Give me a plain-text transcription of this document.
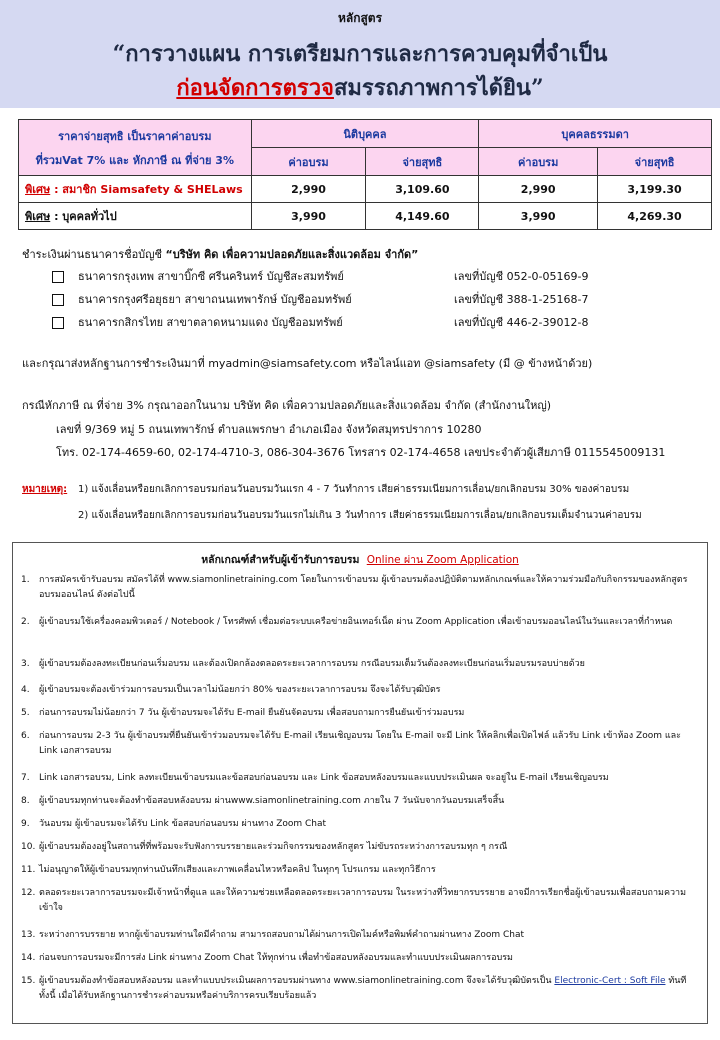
หลักสูตร
“การวางแผน การเตรียมการและการควบคุมที่จำเป็น
ก่อนจัดการตรวจสมรรถภาพการได้ยิน”
ราคาจ่ายสุทธิ เป็นราคาค่าอบรม
ที่รวมVat 7% และ หักภาษี ณ ที่จ่าย 3%	นิติบุคคล		บุคคลธรรมดา	
	ค่าอบรม	จ่ายสุทธิ	ค่าอบรม	จ่ายสุทธิ
พิเศษ : สมาชิก Siamsafety & SHELaws	2,990	3,109.60	2,990	3,199.30
พิเศษ : บุคคลทั่วไป	3,990	4,149.60	3,990	4,269.30
ชำระเงินผ่านธนาคารชื่อบัญชี “บริษัท คิด เพื่อความปลอดภัยและสิ่งแวดล้อม จำกัด”
ธนาคารกรุงเทพ สาขาบิ๊กซี ศรีนครินทร์ บัญชีสะสมทรัพย์	เลขที่บัญชี 052-0-05169-9
ธนาคารกรุงศรีอยุธยา สาขาถนนเทพารักษ์ บัญชีออมทรัพย์	เลขที่บัญชี 388-1-25168-7
ธนาคารกสิกรไทย สาขาตลาดหนามแดง บัญชีออมทรัพย์	เลขที่บัญชี 446-2-39012-8
และกรุณาส่งหลักฐานการชำระเงินมาที่ myadmin@siamsafety.com หรือไลน์แอท @siamsafety (มี @ ข้างหน้าด้วย)
กรณีหักภาษี ณ ที่จ่าย 3% กรุณาออกในนาม บริษัท คิด เพื่อความปลอดภัยและสิ่งแวดล้อม จำกัด (สำนักงานใหญ่)
เลขที่ 9/369 หมู่ 5 ถนนเทพารักษ์ ตำบลแพรกษา อำเภอเมือง จังหวัดสมุทรปราการ 10280
โทร. 02-174-4659-60, 02-174-4710-3, 086-304-3676 โทรสาร 02-174-4658 เลขประจำตัวผู้เสียภาษี 0115545009131
หมายเหตุ: 1) แจ้งเลื่อนหรือยกเลิกการอบรมก่อนวันอบรมวันแรก 4 - 7 วันทำการ เสียค่าธรรมเนียมการเลื่อน/ยกเลิกอบรม 30% ของค่าอบรม
2) แจ้งเลื่อนหรือยกเลิกการอบรมก่อนวันอบรมวันแรกไม่เกิน 3 วันทำการ เสียค่าธรรมเนียมการเลื่อน/ยกเลิกอบรมเต็มจำนวนค่าอบรม
หลักเกณฑ์สำหรับผู้เข้ารับการอบรม Online ผ่าน Zoom Application
1.	การสมัครเข้ารับอบรม สมัครได้ที่ www.siamonlinetraining.com โดยในการเข้าอบรม ผู้เข้าอบรมต้องปฏิบัติตามหลักเกณฑ์และให้ความร่วมมือกับกิจกรรมของหลักสูตรอบรมออนไลน์ ดังต่อไปนี้
2.	ผู้เข้าอบรมใช้เครื่องคอมพิวเตอร์ / Notebook / โทรศัพท์ เชื่อมต่อระบบเครือข่ายอินเทอร์เน็ต ผ่าน Zoom Application เพื่อเข้าอบรมออนไลน์ในวันและเวลาที่กำหนด
3.	ผู้เข้าอบรมต้องลงทะเบียนก่อนเริ่มอบรม และต้องเปิดกล้องตลอดระยะเวลาการอบรม กรณีอบรมเต็มวันต้องลงทะเบียนก่อนเริ่มอบรมรอบบ่ายด้วย
4.	ผู้เข้าอบรมจะต้องเข้าร่วมการอบรมเป็นเวลาไม่น้อยกว่า 80% ของระยะเวลาการอบรม จึงจะได้รับวุฒิบัตร
5.	ก่อนการอบรมไม่น้อยกว่า 7 วัน ผู้เข้าอบรมจะได้รับ E-mail ยืนยันจัดอบรม เพื่อสอบถามการยืนยันเข้าร่วมอบรม
6.	ก่อนการอบรม 2-3 วัน ผู้เข้าอบรมที่ยืนยันเข้าร่วมอบรมจะได้รับ E-mail เรียนเชิญอบรม โดยใน E-mail จะมี Link ให้คลิกเพื่อเปิดไฟล์ แล้วรับ Link เข้าห้อง Zoom และ Link เอกสารอบรม
7.	Link เอกสารอบรม, Link ลงทะเบียนเข้าอบรมและข้อสอบก่อนอบรม และ Link ข้อสอบหลังอบรมและแบบประเมินผล จะอยู่ใน E-mail เรียนเชิญอบรม
8.	ผู้เข้าอบรมทุกท่านจะต้องทำข้อสอบหลังอบรม ผ่านwww.siamonlinetraining.com ภายใน 7 วันนับจากวันอบรมเสร็จสิ้น
9.	วันอบรม ผู้เข้าอบรมจะได้รับ Link ข้อสอบก่อนอบรม ผ่านทาง Zoom Chat
10. ผู้เข้าอบรมต้องอยู่ในสถานที่ที่พร้อมจะรับฟังการบรรยายและร่วมกิจกรรมของหลักสูตร ไม่ขับรถระหว่างการอบรมทุก ๆ กรณี
11. ไม่อนุญาตให้ผู้เข้าอบรมทุกท่านบันทึกเสียงและภาพเคลื่อนไหวหรือคลิป ในทุกๆ โปรแกรม และทุกวิธีการ
12. ตลอดระยะเวลาการอบรมจะมีเจ้าหน้าที่ดูแล และให้ความช่วยเหลือตลอดระยะเวลาการอบรม ในระหว่างที่วิทยากรบรรยาย อาจมีการเรียกชื่อผู้เข้าอบรมเพื่อสอบถามความเข้าใจ
13. ระหว่างการบรรยาย หากผู้เข้าอบรมท่านใดมีคำถาม สามารถสอบถามได้ผ่านการเปิดไมค์หรือพิมพ์คำถามผ่านทาง Zoom Chat
14. ก่อนจบการอบรมจะมีการส่ง Link ผ่านทาง Zoom Chat ให้ทุกท่าน เพื่อทำข้อสอบหลังอบรมและทำแบบประเมินผลการอบรม
15. ผู้เข้าอบรมต้องทำข้อสอบหลังอบรม และทำแบบประเมินผลการอบรมผ่านทาง www.siamonlinetraining.com จึงจะได้รับวุฒิบัตรเป็น Electronic-Cert : Soft File ทันที ทั้งนี้ เมื่อได้รับหลักฐานการชำระค่าอบรมหรือค่าบริการครบเรียบร้อยแล้ว
